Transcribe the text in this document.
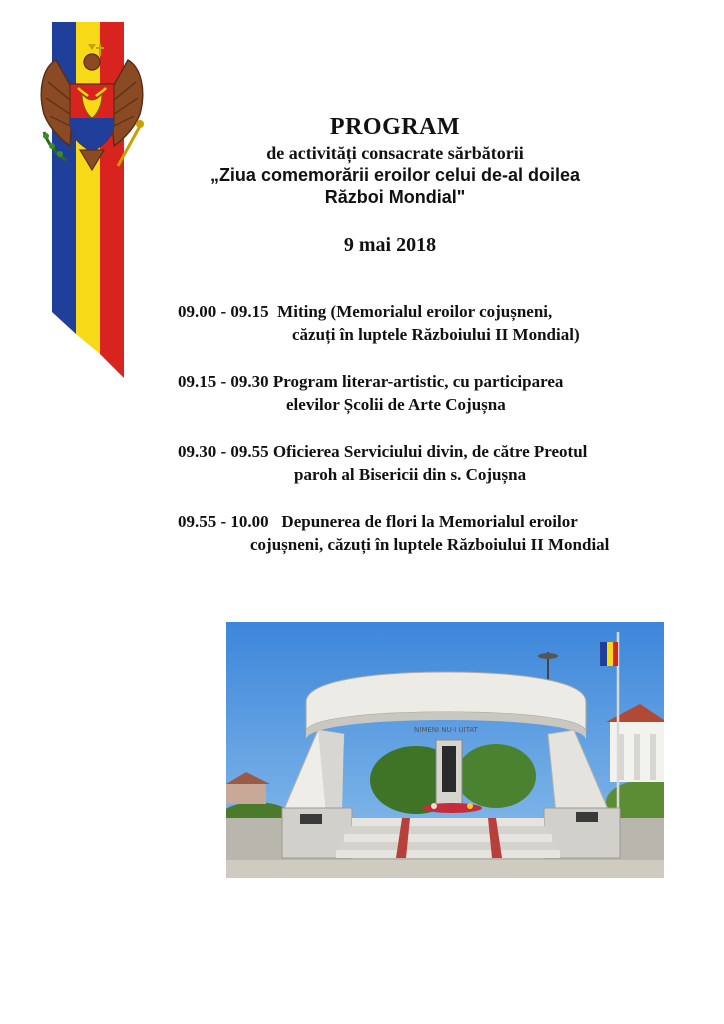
PROGRAM
de activități consacrate sărbătorii
„Ziua comemorării eroilor celui de-al doilea
Război Mondial"
9 mai 2018
09.00 - 09.15 Miting (Memorialul eroilor cojușneni,
căzuți în luptele Războiului II Mondial)
09.15 - 09.30 Program literar-artistic, cu participarea
elevilor Școlii de Arte Cojușna
09.30 - 09.55 Oficierea Serviciului divin, de către Preotul
paroh al Bisericii din s. Cojușna
09.55 - 10.00 Depunerea de flori la Memorialul eroilor
cojușneni, căzuți în luptele Războiului II Mondial
NIMENI NU-I UITAT
